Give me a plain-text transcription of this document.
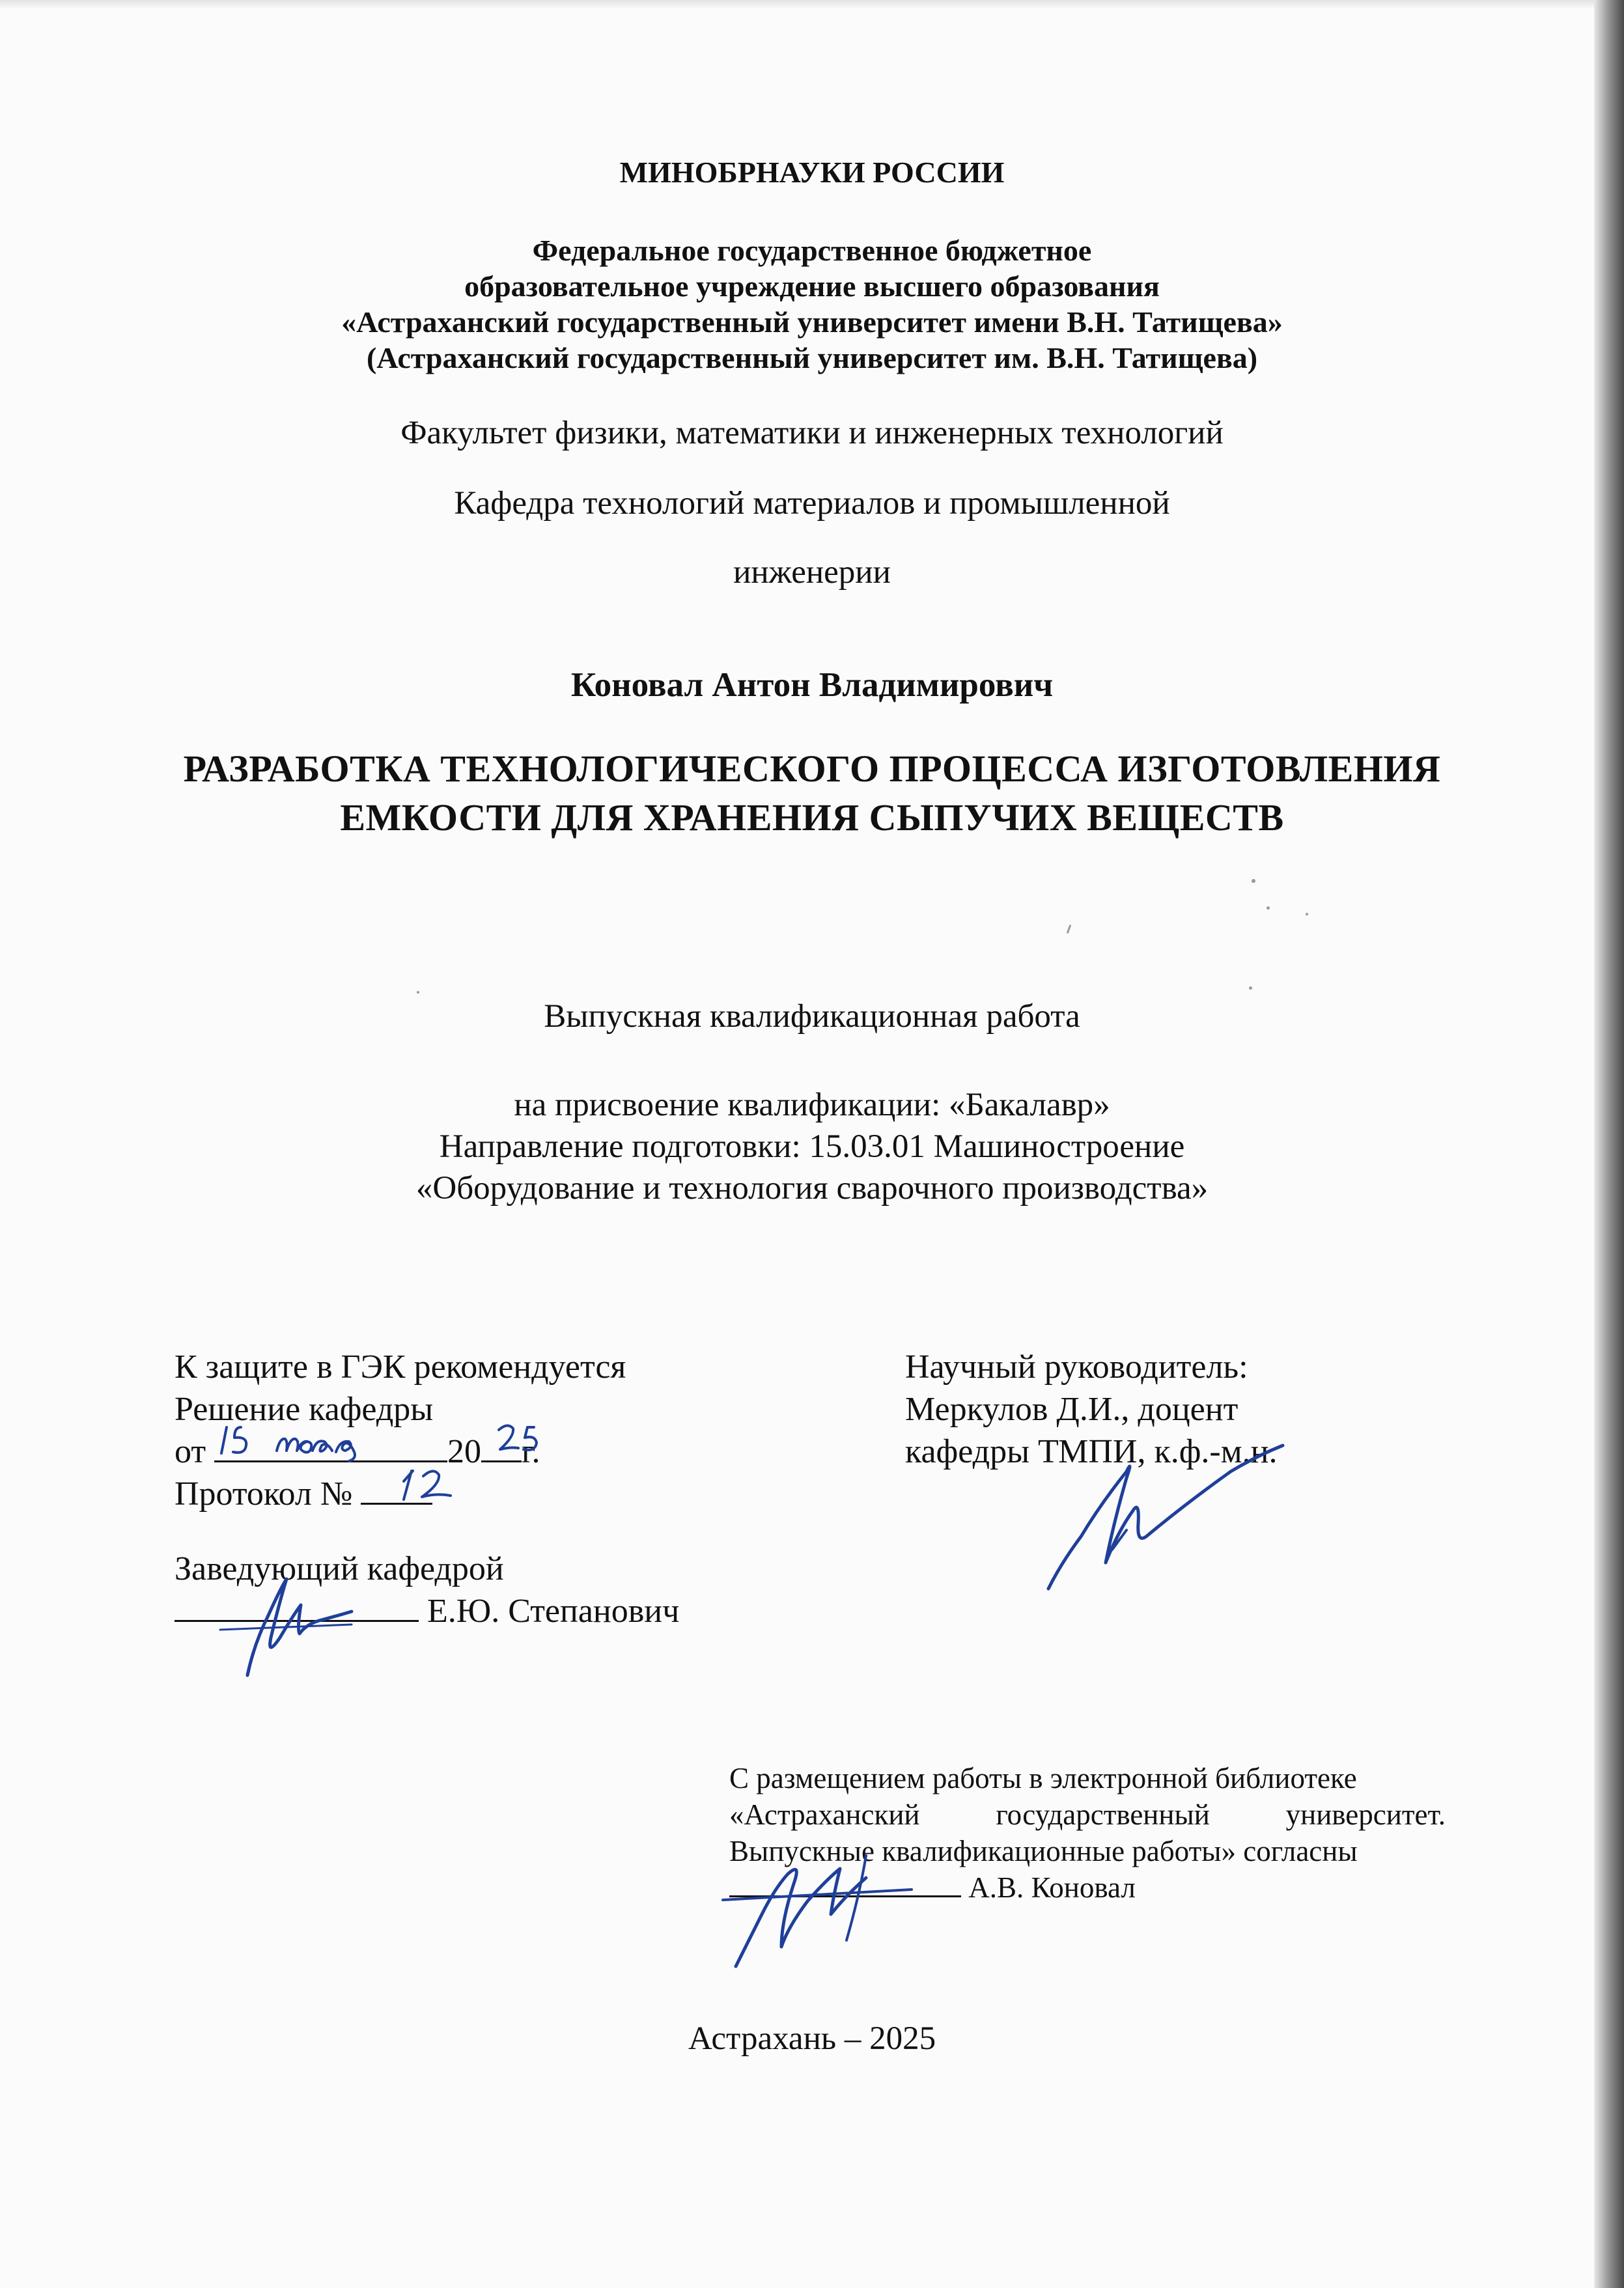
МИНОБРНАУКИ РОССИИ
Федеральное государственное бюджетное
образовательное учреждение высшего образования
«Астраханский государственный университет имени В.Н. Татищева»
(Астраханский государственный университет им. В.Н. Татищева)
Факультет физики, математики и инженерных технологий
Кафедра технологий материалов и промышленной
инженерии
Коновал Антон Владимирович
РАЗРАБОТКА ТЕХНОЛОГИЧЕСКОГО ПРОЦЕССА ИЗГОТОВЛЕНИЯ
ЕМКОСТИ ДЛЯ ХРАНЕНИЯ СЫПУЧИХ ВЕЩЕСТВ
Выпускная квалификационная работа
на присвоение квалификации: «Бакалавр»
Направление подготовки: 15.03.01 Машиностроение
«Оборудование и технология сварочного производства»
К защите в ГЭК рекомендуется
Решение кафедры
от	20 г.
Протокол №
Заведующий кафедрой
Е.Ю. Степанович
Научный руководитель:
Меркулов Д.И., доцент
кафедры ТМПИ, к.ф.-м.н.
С размещением работы в электронной библиотеке
«Астраханский	государственный	университет.
Выпускные квалификационные работы» согласны
А.В. Коновал
Астрахань – 2025
